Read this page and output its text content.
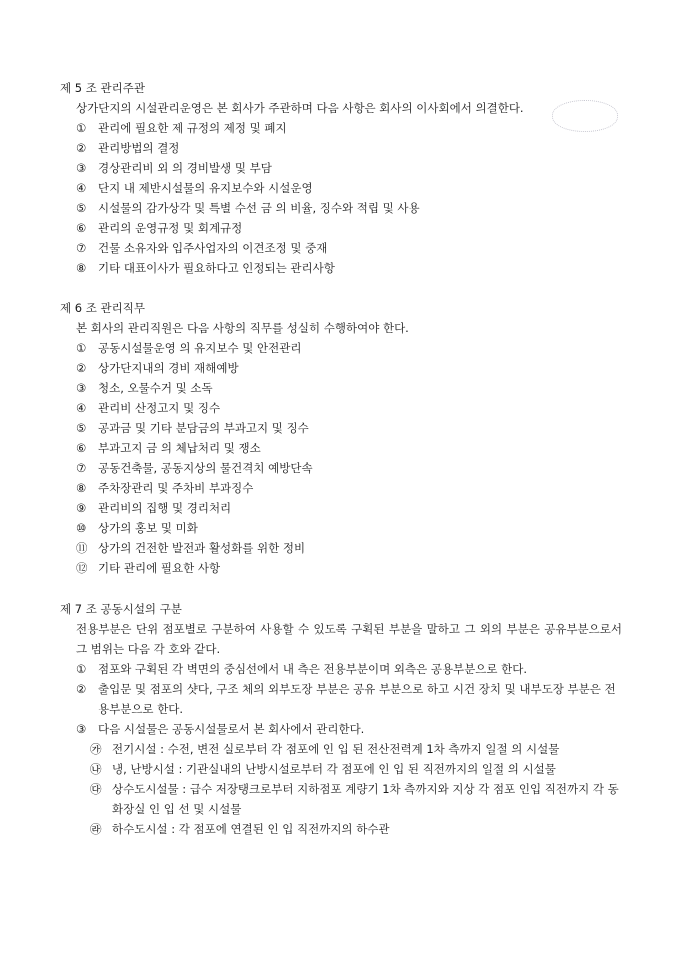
제 5 조 관리주관

상가단지의 시설관리운영은 본 회사가 주관하며 다음 사항은 회사의 이사회에서 의결한다.

①	관리에 필요한 제 규정의 제정 및 폐지
②	관리방법의 결정
③	경상관리비 외 의 경비발생 및 부담
④	단지 내 제반시설물의 유지보수와 시설운영
⑤	시설물의 감가상각 및 특별 수선 금 의 비율, 징수와 적립 및 사용
⑥	관리의 운영규정 및 회계규정
⑦	건물 소유자와 입주사업자의 이견조정 및 중재
⑧	기타 대표이사가 필요하다고 인정되는 관리사항

제 6 조 관리직무

본 회사의 관리직원은 다음 사항의 직무를 성실히 수행하여야 한다.

①	공동시설물운영 의 유지보수 및 안전관리
②	상가단지내의 경비 재해예방
③	청소, 오물수거 및 소독
④	관리비 산정고지 및 징수
⑤	공과금 및 기타 분담금의 부과고지 및 징수
⑥	부과고지 금 의 체납처리 및 쟁소
⑦	공동건축물, 공동지상의 물건격치 예방단속
⑧	주차장관리 및 주차비 부과징수
⑨	관리비의 집행 및 경리처리
⑩	상가의 홍보 및 미화
⑪ 상가의 건전한 발전과 활성화를 위한 정비
⑫ 기타 관리에 필요한 사항

제 7 조 공동시설의 구분

전용부분은 단위 점포별로 구분하여 사용할 수 있도록 구획된 부분을 말하고 그 외의 부분은 공유부분으로서 그 범위는 다음 각 호와 같다.

①	점포와 구획된 각 벽면의 중심선에서 내 측은 전용부분이며 외측은 공용부분으로 한다.
②	출입문 및 점포의 샷다, 구조 체의 외부도장 부분은 공유 부분으로 하고 시건 장치 및 내부도장 부분은 전용부분으로 한다.
③	다음 시설물은 공동시설물로서 본 회사에서 관리한다.
㉮ 전기시설 : 수전, 변전 실로부터 각 점포에 인 입 된 전산전력계 1차 측까지 일절 의 시설물
㉯ 냉, 난방시설 : 기관실내의 난방시설로부터 각 점포에 인 입 된 직전까지의 일절 의 시설물
㉰ 상수도시설물 : 급수 저장탱크로부터 지하점포 계량기 1차 측까지와 지상 각 점포 인입 직전까지 각 동 화장실 인 입 선 및 시설물
㉱ 하수도시설 : 각 점포에 연결된 인 입 직전까지의 하수관
